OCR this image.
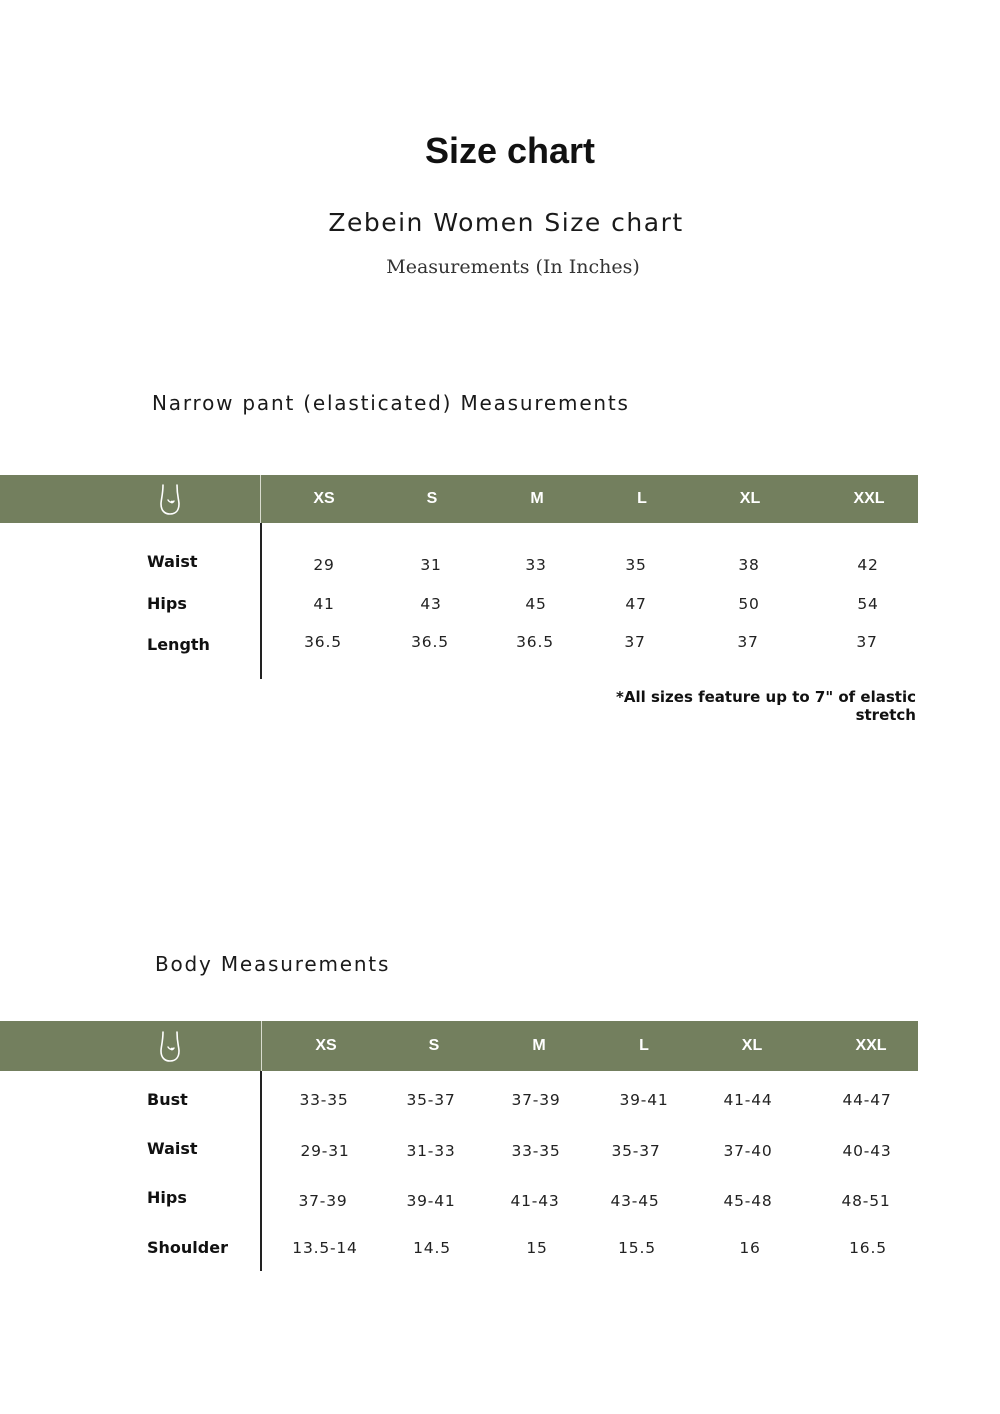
Size chart
Zebein Women Size chart
Measurements (In Inches)
Narrow pant (elasticated) Measurements
XS	S	M	L	XL	XXL
Waist	29	31	33	35	38	42
Hips	41	43	45	47	50	54
Length	36.5	36.5	36.5	37	37	37
*All sizes feature up to 7" of elastic stretch
Body Measurements
XS	S	M	L	XL	XXL
Bust	33-35	35-37	37-39	39-41	41-44	44-47
Waist	29-31	31-33	33-35	35-37	37-40	40-43
Hips	37-39	39-41	41-43	43-45	45-48	48-51
Shoulder	13.5-14	14.5	15	15.5	16	16.5
